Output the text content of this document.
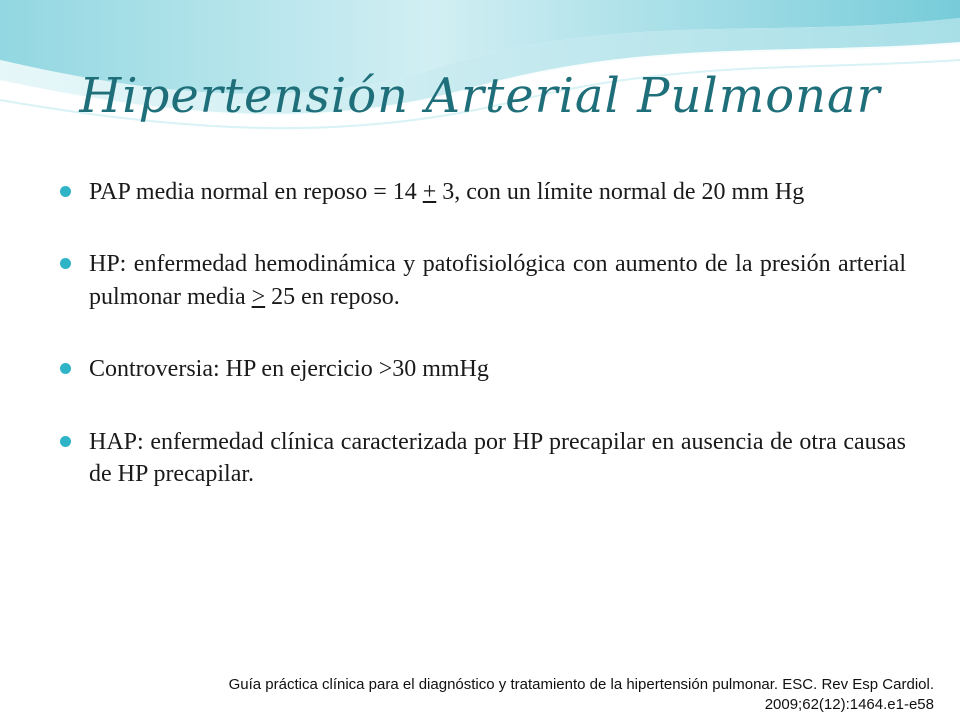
Hipertensión Arterial Pulmonar
PAP media normal en reposo = 14 + 3, con un límite normal de 20 mm Hg
HP: enfermedad hemodinámica y patofisiológica con aumento de la presión arterial pulmonar media ≥ 25 en reposo.
Controversia: HP en ejercicio >30 mmHg
HAP: enfermedad clínica caracterizada por HP precapilar en ausencia de otra causas de HP precapilar.
Guía práctica clínica para el diagnóstico y tratamiento de la hipertensión pulmonar. ESC. Rev Esp Cardiol.
2009;62(12):1464.e1-e58
